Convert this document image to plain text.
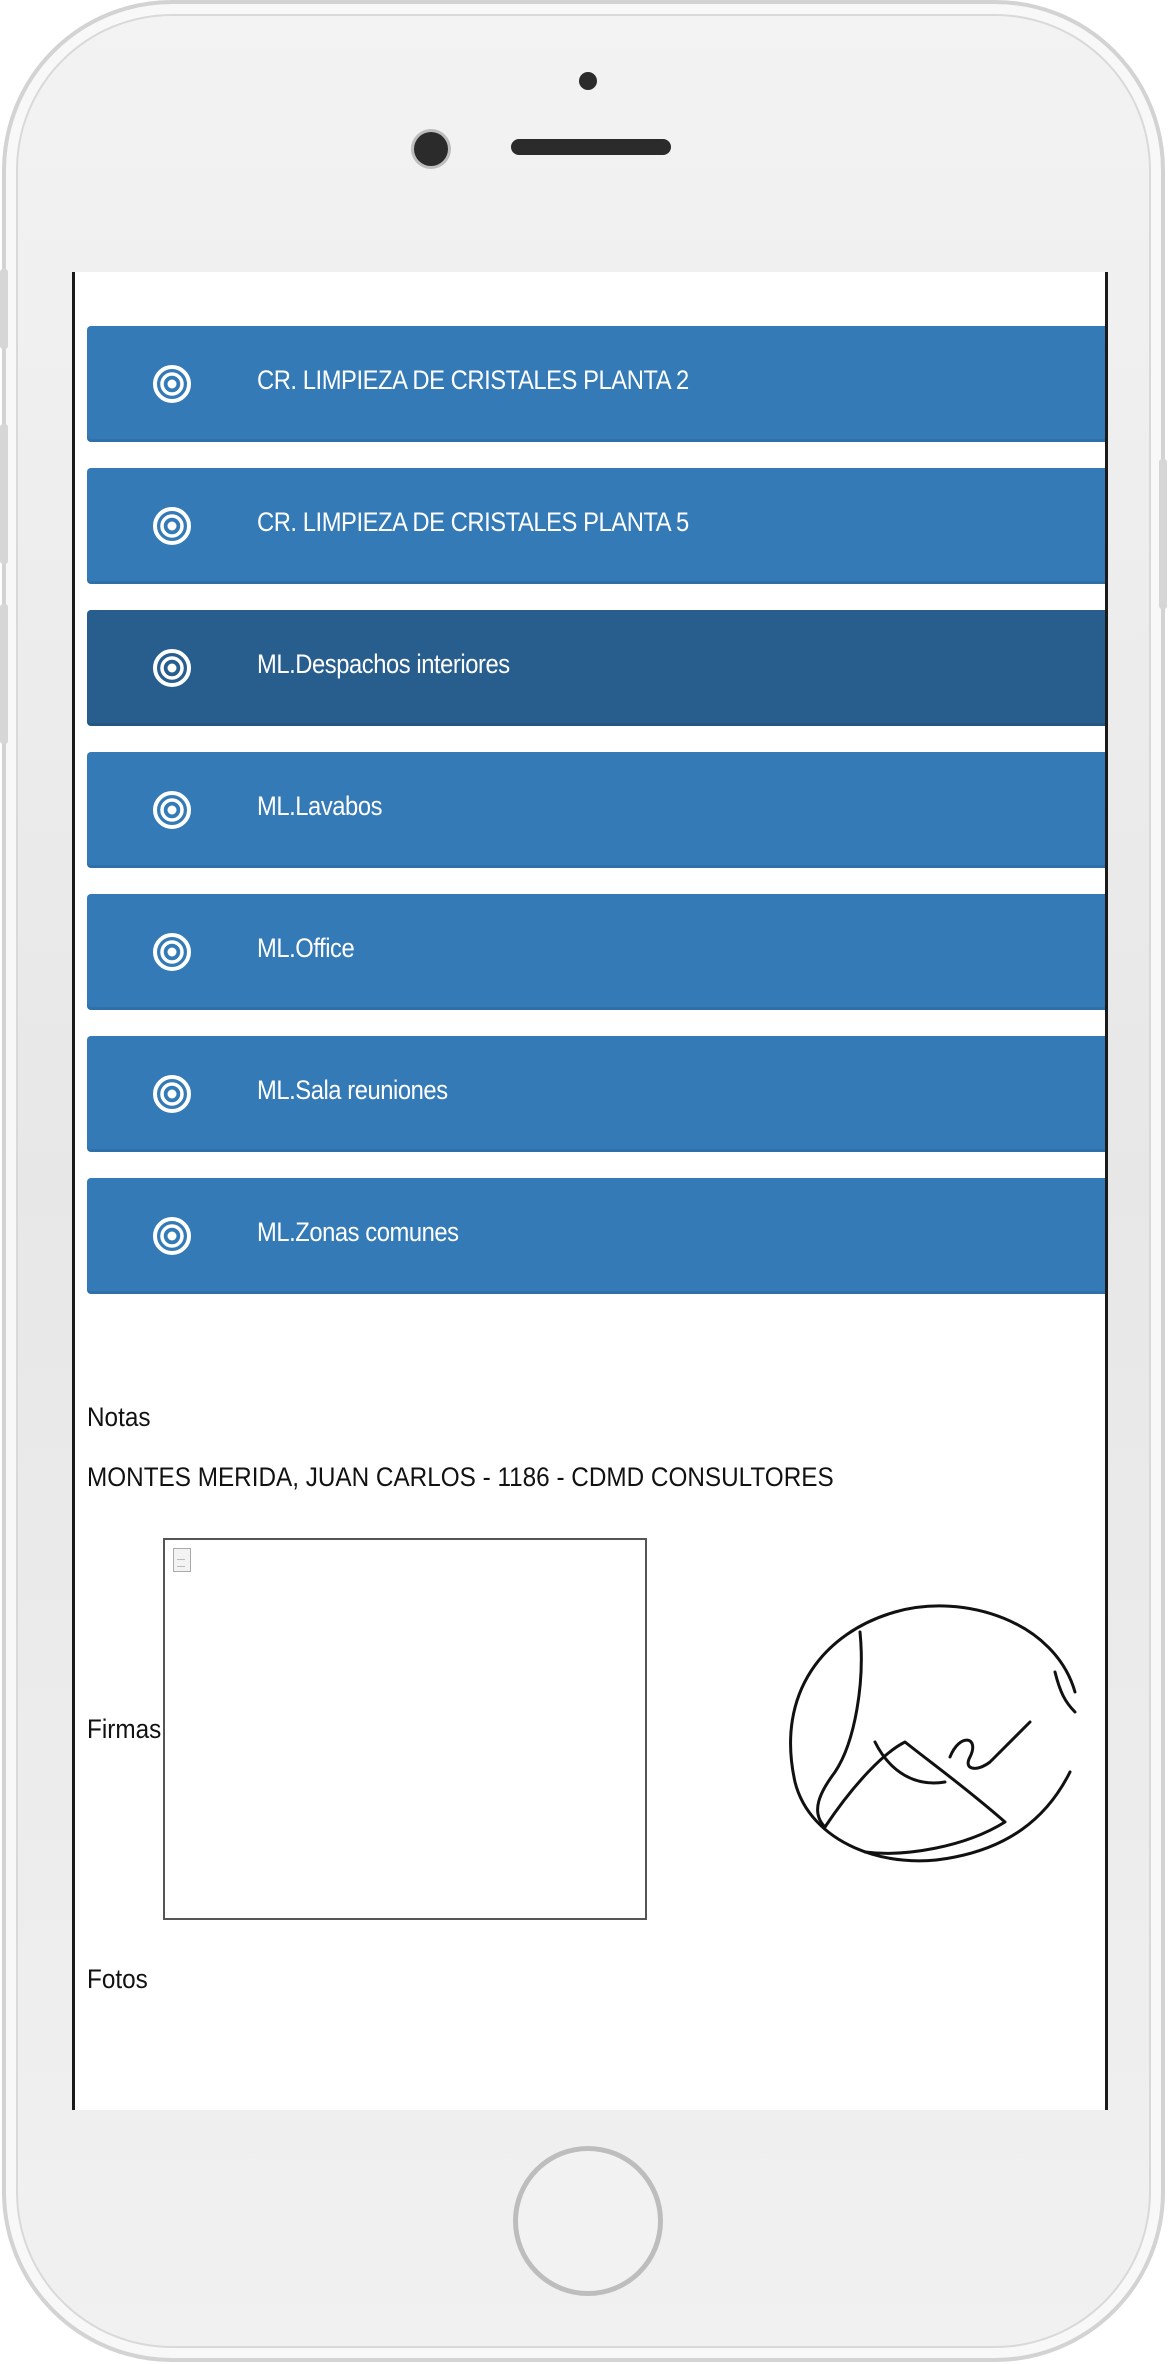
CR. LIMPIEZA DE CRISTALES PLANTA 2
CR. LIMPIEZA DE CRISTALES PLANTA 5
ML.Despachos interiores
ML.Lavabos
ML.Office
ML.Sala reuniones
ML.Zonas comunes
Notas
MONTES MERIDA, JUAN CARLOS - 1186 - CDMD CONSULTORES
Firmas
Fotos
